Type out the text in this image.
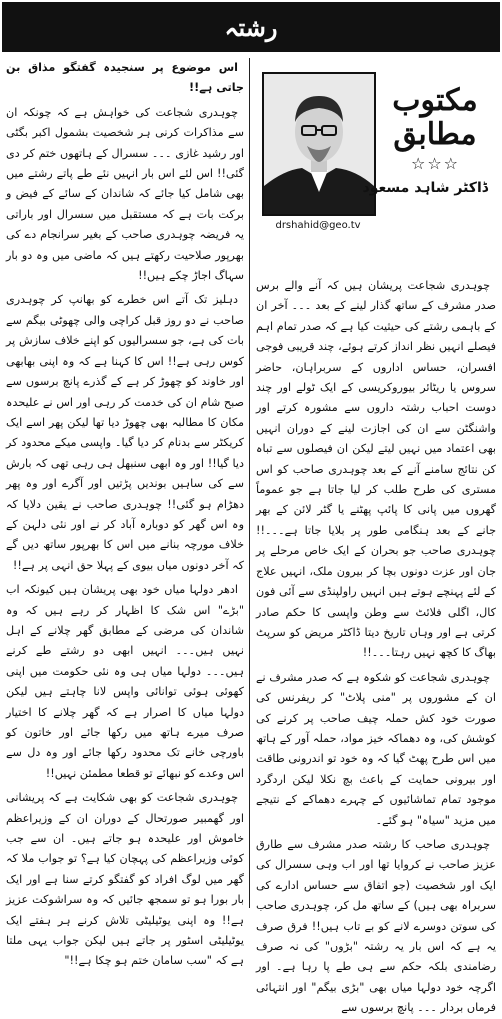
رشتہ

اس موضوع پر سنجیدہ گفتگو مذاق بن جاتی ہے!!

چوہدری شجاعت کی خواہش ہے کہ چونکہ ان سے مذاکرات کرنی ہر شخصیت بشمول اکبر بگٹی اور رشید غازی ۔۔۔ سسرال کے ہاتھوں ختم کر دی گئی!! اس لئے اس بار انہیں نئے طے پاتے رشتے میں بھی شامل کیا جائے کہ شاندان کے سائے کے فیض و برکت بات ہے کہ مستقبل میں سسرال اور باراتی یہ فریضہ چوہدری صاحب کے بغیر سرانجام دے کی بھرپور صلاحیت رکھتے ہیں کہ ماضی میں وہ دو بار سہاگ اجاڑ چکے ہیں!!

دہلیز تک آتے اس خطرے کو بھانپ کر چوہدری صاحب نے دو روز قبل کراچی والی چھوٹی بیگم سے بات کی ہے، جو سسرالیوں کو اپنے خلاف سازش پر کوس رہی ہے!! اس کا کہنا ہے کہ وہ اپنی بھابھی اور خاوند کو چھوڑ کر ہے کے گذرے پانچ برسوں سے صبح شام ان کی خدمت کر رہی اور اس نے علیحدہ مکان کا مطالبہ بھی چھوڑ دیا تھا لیکن پھر اسے ایک کریکٹر سے بدنام کر دیا گیا۔ واپسی میکے محدود کر دیا گیا!! اور وہ ابھی سنبھل ہی رہی تھی کہ بارش سے کی ساہیں بوندیں پڑتیں اور آگرے اور وہ پھر دھڑام ہو گئی!! چوہدری صاحب نے یقین دلایا کہ وہ اس گھر کو دوبارہ آباد کر نے اور نئی دلہن کے خلاف مورچہ بنانے میں اس کا بھرپور ساتھ دیں گے کہ آخر دونوں میاں بیوی کے پہلا حق انہی پر ہے!!

ادھر دولہا میاں خود بھی پریشان ہیں کیونکہ اب "بڑے" اس شک کا اظہار کر رہے ہیں کہ وہ شاندان کی مرضی کے مطابق گھر چلانے کے اہل نہیں ہیں۔۔۔ انہیں ابھی دو رشتے طے کرنے ہیں۔۔۔ دولہا میاں ہی وہ نئی حکومت میں اپنی کھوئی ہوئی توانائی واپس لانا چاہتے ہیں لیکن دولہا میاں کا اصرار ہے کہ گھر چلانے کا اختیار صرف میرے ہاتھ میں رکھا جائے اور خاتون کو باورچی خانے تک محدود رکھا جائے اور وہ دل سے اس وعدے کو نبھائے تو قطعا مطمئن نہیں!!

چوہدری شجاعت کو بھی شکایت ہے کہ پریشانی اور گھمبیر صورتحال کے دوران ان کے وزیراعظم خاموش اور علیحدہ ہو جاتے ہیں۔ ان سے جب کوئی وزیراعظم کی پہچان کیا ہے؟ تو جواب ملا کہ گھر میں لوگ افراد کو گفتگو کرتے سنا ہے اور ایک بار بورا ہو تو سمجھ جائیں کہ وہ سراشوکت عزیز ہے!! وہ اپنی یوٹیلیٹی تلاش کرنے ہر ہفتے ایک یوٹیلیٹی اسٹور پر جاتے ہیں لیکن جواب یہی ملتا ہے کہ "سب سامان ختم ہو چکا ہے!!"

drshahid@geo.tv
مکتوب مطابق
☆☆☆
ڈاکٹر شاہد مسعود

چوہدری شجاعت پریشان ہیں کہ آنے والے برس صدر مشرف کے ساتھ گذار لینے کے بعد ۔۔۔ آخر ان کے باہمی رشتے کی حیثیت کیا ہے کہ صدر تمام اہم فیصلے انہیں نظر انداز کرتے ہوئے، چند قریبی فوجی افسران، حساس اداروں کے سربراہان، حاضر سروس یا ریٹائر بیوروکریسی کے ایک ٹولے اور چند دوست احباب رشتہ داروں سے مشورہ کرتے اور واشنگٹن سے ان کی اجازت لینے کے دوران انہیں بھی اعتماد میں نہیں لیتے لیکن ان فیصلوں سے تباہ کن نتائج سامنے آنے کے بعد چوہدری صاحب کو اس مستری کی طرح طلب کر لیا جاتا ہے جو عموماً گھروں میں پانی کا پائپ پھٹنے یا گٹر لائن کے بھر جانے کے بعد ہنگامی طور پر بلایا جاتا ہے۔۔۔!! چوہدری صاحب جو بحران کے ایک خاص مرحلے پر جان اور عزت دونوں بچا کر بیرون ملک، انہیں علاج کے لئے پہنچے ہوتے ہیں انہیں راولپنڈی سے آئی فون کال، اگلی فلائٹ سے وطن واپسی کا حکم صادر کرتی ہے اور وہاں تاریخ دیتا ڈاکٹر مریض کو سرپٹ بھاگ کا کچھ نہیں رہتا۔۔۔!!

چوہدری شجاعت کو شکوہ ہے کہ صدر مشرف نے ان کے مشوروں پر "منی پلاٹ" کر ریفرنس کی صورت خود کش حملہ چیف صاحب پر کرنے کی کوشش کی، وہ دھماکہ خیز مواد، حملہ آور کے ہاتھ میں اس طرح پھٹ گیا کہ وہ خود تو اندرونی طاقت اور بیرونی حمایت کے باعث بچ نکلا لیکن اردگرد موجود تمام تماشائیوں کے چہرے دھماکے کے نتیجے میں مزید "سیاہ" ہو گئے۔

چوہدری صاحب کا رشتہ صدر مشرف سے طارق عزیز صاحب نے کروایا تھا اور اب وہی سسرال کی ایک اور شخصیت (جو اتفاق سے حساس ادارے کی سربراہ بھی ہیں) کے ساتھ مل کر، چوہدری صاحب کی سوتن دوسرے لانے کو بے تاب ہیں!! فرق صرف یہ ہے کہ اس بار یہ رشتہ "بڑوں" کی نہ صرف رضامندی بلکہ حکم سے ہی طے پا رہا ہے۔ اور اگرچہ خود دولہا میاں بھی "بڑی بیگم" اور انتہائی فرماں بردار ۔۔۔ پانچ برسوں سے
